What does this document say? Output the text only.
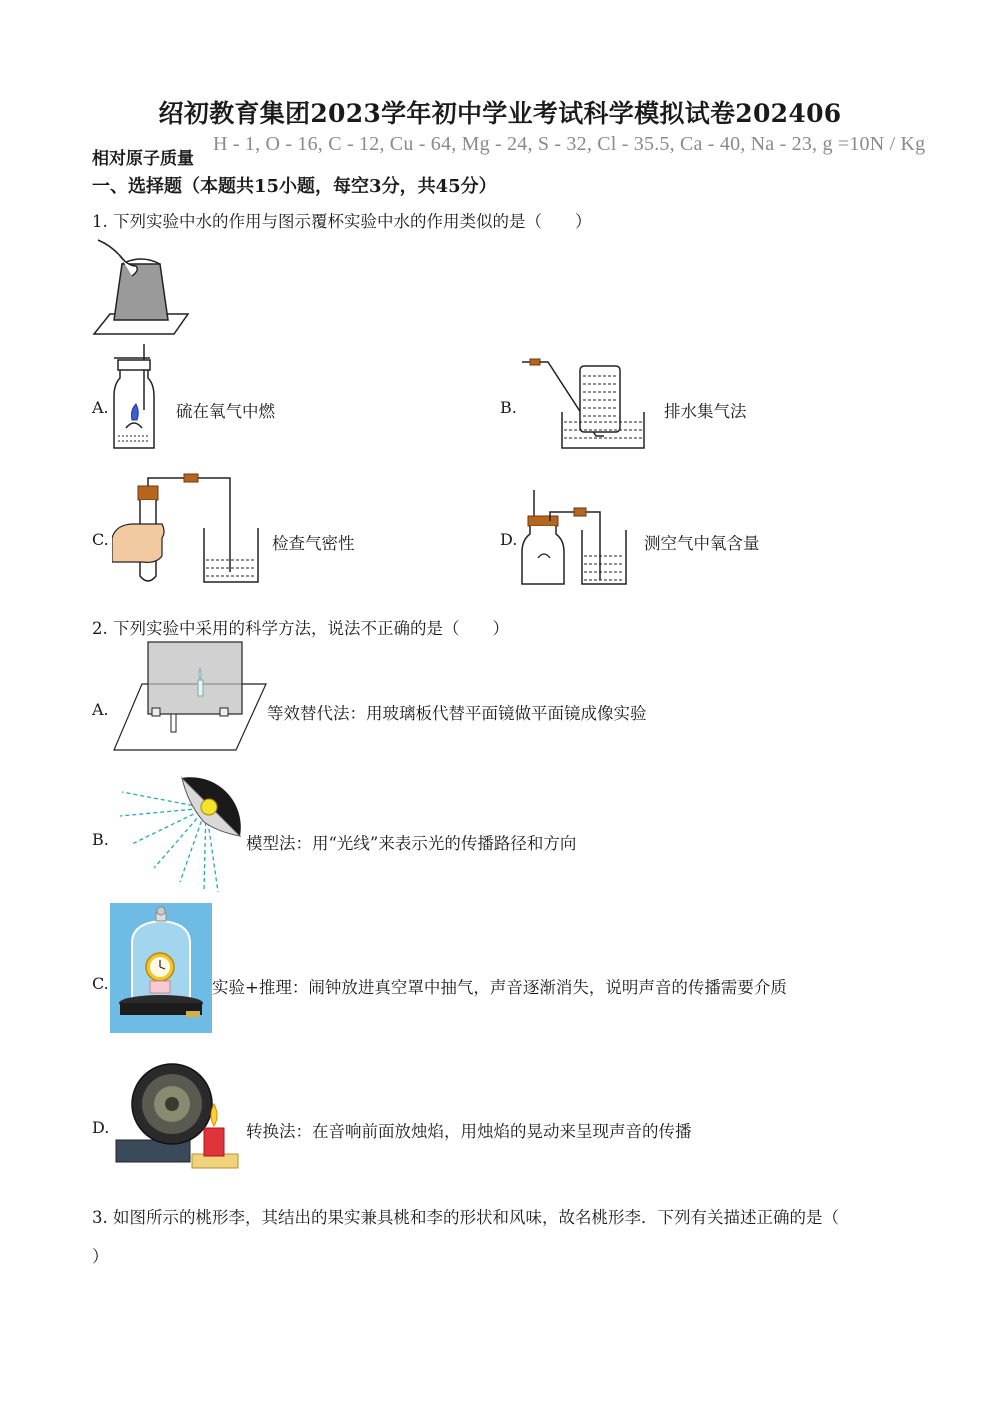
绍初教育集团2023学年初中学业考试科学模拟试卷202406
相对原子质量
H - 1, O - 16, C - 12, Cu - 64, Mg - 24, S - 32, Cl - 35.5, Ca - 40, Na - 23, g =10N / Kg
一、选择题（本题共15小题，每空3分，共45分）
1. 下列实验中水的作用与图示覆杯实验中水的作用类似的是（　　）
A.	硫在氧气中燃	B.	排水集气法
C.	检查气密性	D.	测空气中氧含量
2. 下列实验中采用的科学方法，说法不正确的是（　　）
A.	等效替代法：用玻璃板代替平面镜做平面镜成像实验
B.	模型法：用“光线”来表示光的传播路径和方向
C.	实验+推理：闹钟放进真空罩中抽气，声音逐渐消失，说明声音的传播需要介质
D.	转换法：在音响前面放烛焰，用烛焰的晃动来呈现声音的传播
3. 如图所示的桃形李，其结出的果实兼具桃和李的形状和风味，故名桃形李．下列有关描述正确的是（
）
